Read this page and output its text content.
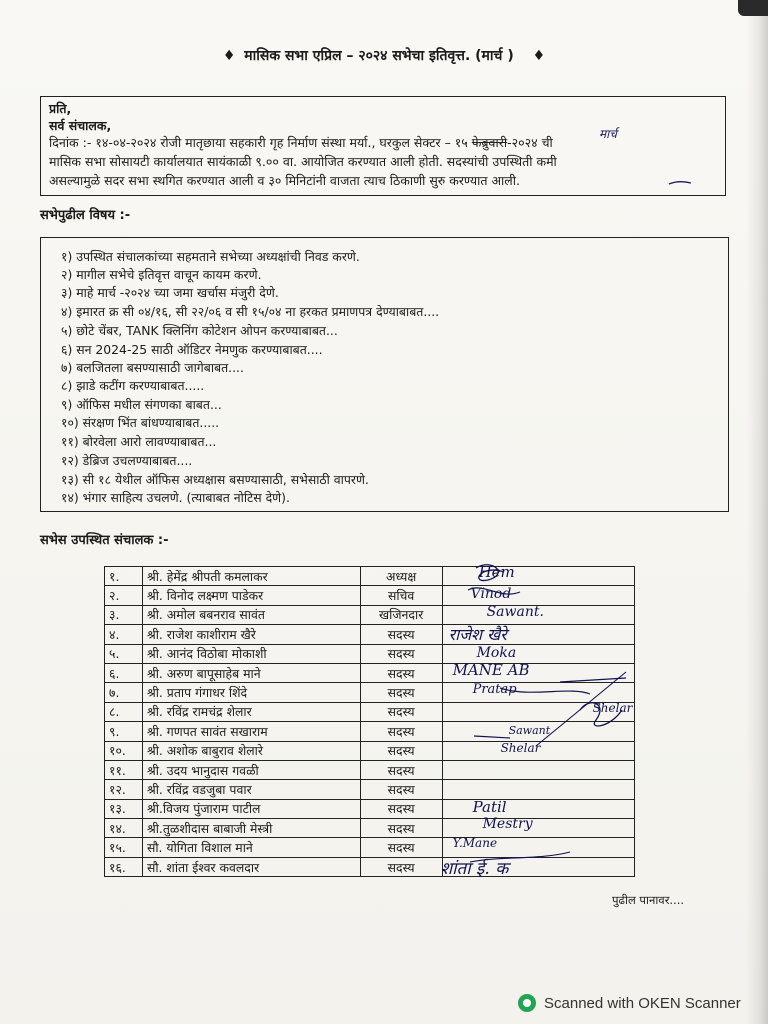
♦ मासिक सभा एप्रिल – २०२४ सभेचा इतिवृत्त. (मार्च ) ♦
प्रति,
सर्व संचालक,
दिनांक :- १४-०४-२०२४ रोजी मातृछाया सहकारी गृह निर्माण संस्था मर्या., घरकुल सेक्टर – १५ फेब्रुवारी-२०२४ ची
मासिक सभा सोसायटी कार्यालयात सायंकाळी ९.०० वा. आयोजित करण्यात आली होती. सदस्यांची उपस्थिती कमी
असल्यामुळे सदर सभा स्थगित करण्यात आली व ३० मिनिटांनी वाजता त्याच ठिकाणी सुरु करण्यात आली.
मार्च
सभेपुढील विषय :-
१) उपस्थित संचालकांच्या सहमताने सभेच्या अध्यक्षांची निवड करणे.
२) मागील सभेचे इतिवृत्त वाचून कायम करणे.
३) माहे मार्च -२०२४ च्या जमा खर्चास मंजुरी देणे.
४) इमारत क्र सी ०४/१६, सी २२/०६ व सी १५/०४ ना हरकत प्रमाणपत्र देण्याबाबत....
५) छोटे चेंबर, TANK क्लिनिंग कोटेशन ओपन करण्याबाबत...
६) सन 2024-25 साठी ऑडिटर नेमणुक करण्याबाबत....
७) बलजितला बसण्यासाठी जागेबाबत....
८) झाडे कटींग करण्याबाबत.....
९) ऑफिस मधील संगणका बाबत...
१०) संरक्षण भिंत बांधण्याबाबत.....
११) बोरवेला आरो लावण्याबाबत...
१२) डेब्रिज उचलण्याबाबत....
१३) सी १८ येथील ऑफिस अध्यक्षास बसण्यासाठी, सभेसाठी वापरणे.
१४) भंगार साहित्य उचलणे. (त्याबाबत नोटिस देणे).
सभेस उपस्थित संचालक :-
१.	श्री. हेमेंद्र श्रीपती कमलाकर	अध्यक्ष	Hem

२.	श्री. विनोद लक्ष्मण पाडेकर	सचिव	Vinod

३.	श्री. अमोल बबनराव सावंत	खजिनदार	Sawant.

४.	श्री. राजेश काशीराम खैरे	सदस्य	राजेश खैरे

५.	श्री. आनंद विठोबा मोकाशी	सदस्य	Moka

६.	श्री. अरुण बापूसाहेब माने	सदस्य	MANE AB

७.	श्री. प्रताप गंगाधर शिंदे	सदस्य	Pratap

८.	श्री. रविंद्र रामचंद्र शेलार	सदस्य	Shelar

९.	श्री. गणपत सावंत सखाराम	सदस्य	Sawant

१०.	श्री. अशोक बाबुराव शेलारे	सदस्य	Shelar

११.	श्री. उदय भानुदास गवळी	सदस्य	
१२.	श्री. रविंद्र वडजुबा पवार	सदस्य	
१३.	श्री.विजय पुंजाराम पाटील	सदस्य	Patil

१४.	श्री.तुळशीदास बाबाजी मेस्त्री	सदस्य	Mestry

१५.	सौ. योगिता विशाल माने	सदस्य	Y.Mane

१६.	सौ. शांता ईश्वर कवलदार	सदस्य	शांता ई. क
पुढील पानावर....
Scanned with OKEN Scanner
